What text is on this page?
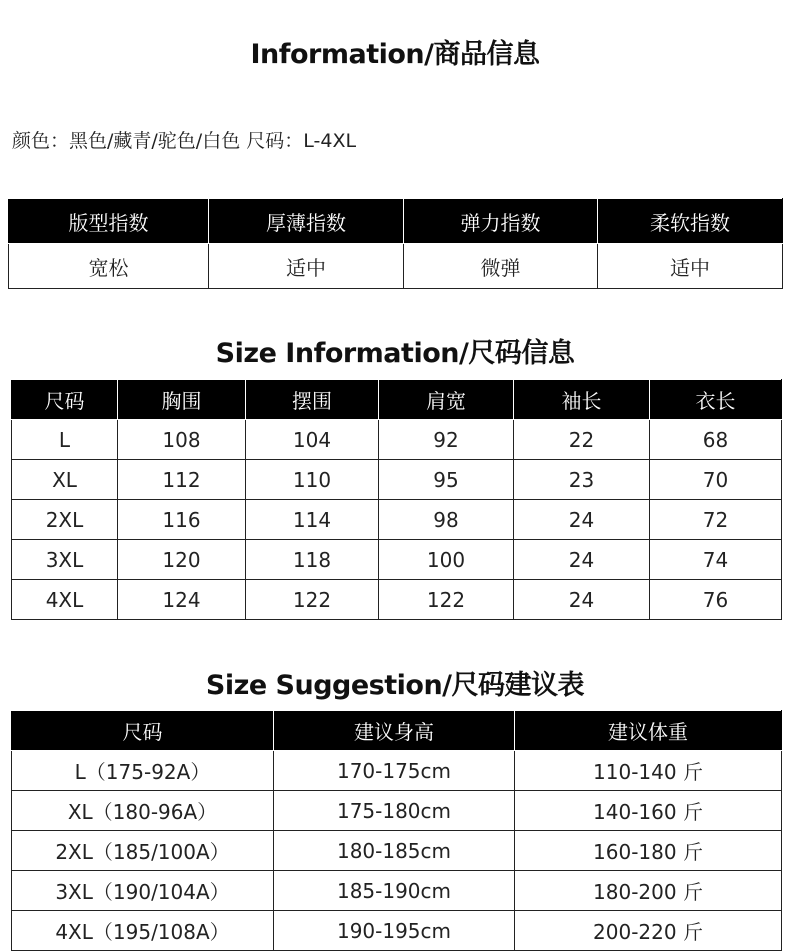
Information/商品信息
颜色：黑色/藏青/驼色/白色 尺码：L-4XL
版型指数	厚薄指数	弹力指数	柔软指数
宽松	适中	微弹	适中
Size Information/尺码信息
尺码	胸围	摆围	肩宽	袖长	衣长
L	108	104	92	22	68
XL	112	110	95	23	70
2XL	116	114	98	24	72
3XL	120	118	100	24	74
4XL	124	122	122	24	76
Size Suggestion/尺码建议表
尺码	建议身高	建议体重
L（175-92A）	170-175cm	110-140 斤
XL（180-96A）	175-180cm	140-160 斤
2XL（185/100A）	180-185cm	160-180 斤
3XL（190/104A）	185-190cm	180-200 斤
4XL（195/108A）	190-195cm	200-220 斤
